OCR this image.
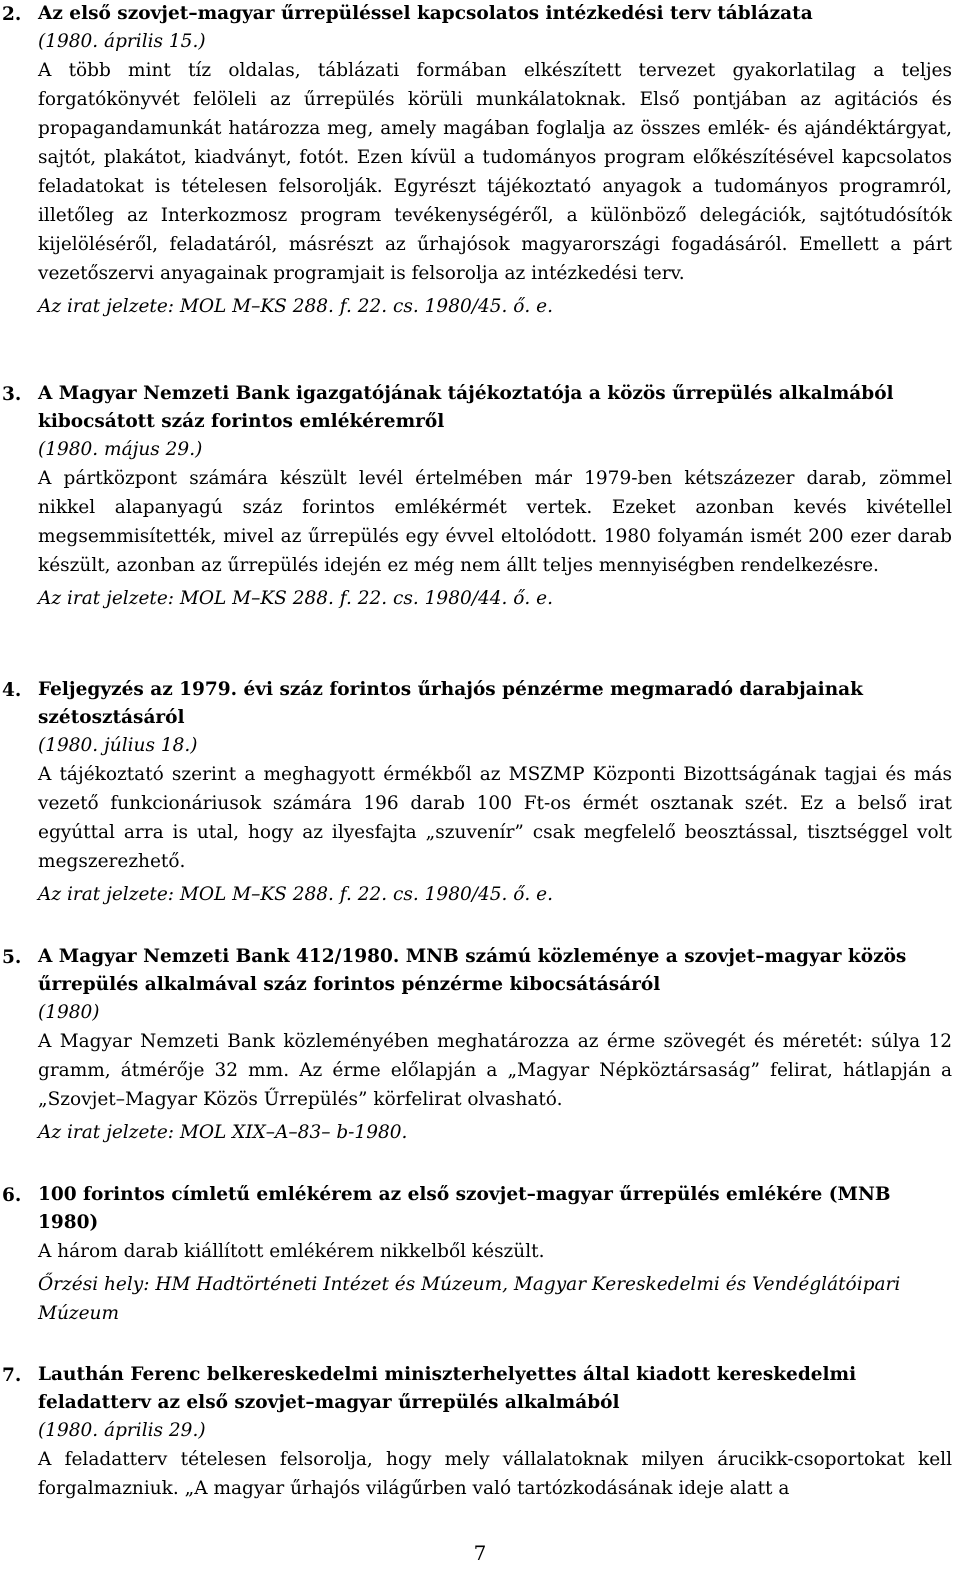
2. Az első szovjet–magyar űrrepüléssel kapcsolatos intézkedési terv táblázata
(1980. április 15.)
A több mint tíz oldalas, táblázati formában elkészített tervezet gyakorlatilag a teljes forgatókönyvét felöleli az űrrepülés körüli munkálatoknak. Első pontjában az agitációs és propagandamunkát határozza meg, amely magában foglalja az összes emlék- és ajándéktárgyat, sajtót, plakátot, kiadványt, fotót. Ezen kívül a tudományos program előkészítésével kapcsolatos feladatokat is tételesen felsorolják. Egyrészt tájékoztató anyagok a tudományos programról, illetőleg az Interkozmosz program tevékenységéről, a különböző delegációk, sajtótudósítók kijelöléséről, feladatáról, másrészt az űrhajósok magyarországi fogadásáról. Emellett a párt vezetőszervi anyagainak programjait is felsorolja az intézkedési terv.
Az irat jelzete: MOL M–KS 288. f. 22. cs. 1980/45. ő. e.
3. A Magyar Nemzeti Bank igazgatójának tájékoztatója a közös űrrepülés alkalmából kibocsátott száz forintos emlékéremről
(1980. május 29.)
A pártközpont számára készült levél értelmében már 1979-ben kétszázezer darab, zömmel nikkel alapanyagú száz forintos emlékérmét vertek. Ezeket azonban kevés kivétellel megsemmisítették, mivel az űrrepülés egy évvel eltolódott. 1980 folyamán ismét 200 ezer darab készült, azonban az űrrepülés idején ez még nem állt teljes mennyiségben rendelkezésre.
Az irat jelzete: MOL M–KS 288. f. 22. cs. 1980/44. ő. e.
4. Feljegyzés az 1979. évi száz forintos űrhajós pénzérme megmaradó darabjainak szétosztásáról
(1980. július 18.)
A tájékoztató szerint a meghagyott érmékből az MSZMP Központi Bizottságának tagjai és más vezető funkcionáriusok számára 196 darab 100 Ft-os érmét osztanak szét. Ez a belső irat egyúttal arra is utal, hogy az ilyesfajta „szuvenír” csak megfelelő beosztással, tisztséggel volt megszerezhető.
Az irat jelzete: MOL M–KS 288. f. 22. cs. 1980/45. ő. e.
5. A Magyar Nemzeti Bank 412/1980. MNB számú közleménye a szovjet–magyar közös űrrepülés alkalmával száz forintos pénzérme kibocsátásáról
(1980)
A Magyar Nemzeti Bank közleményében meghatározza az érme szövegét és méretét: súlya 12 gramm, átmérője 32 mm. Az érme előlapján a „Magyar Népköztársaság” felirat, hátlapján a „Szovjet–Magyar Közös Űrrepülés” körfelirat olvasható.
Az irat jelzete: MOL XIX–A–83– b-1980.
6. 100 forintos címletű emlékérem az első szovjet–magyar űrrepülés emlékére (MNB 1980)
A három darab kiállított emlékérem nikkelből készült.
Őrzési hely: HM Hadtörténeti Intézet és Múzeum, Magyar Kereskedelmi és Vendéglátóipari Múzeum
7. Lauthán Ferenc belkereskedelmi miniszterhelyettes által kiadott kereskedelmi feladatterv az első szovjet–magyar űrrepülés alkalmából
(1980. április 29.)
A feladatterv tételesen felsorolja, hogy mely vállalatoknak milyen árucikk-csoportokat kell forgalmazniuk. „A magyar űrhajós világűrben való tartózkodásának ideje alatt a
7
